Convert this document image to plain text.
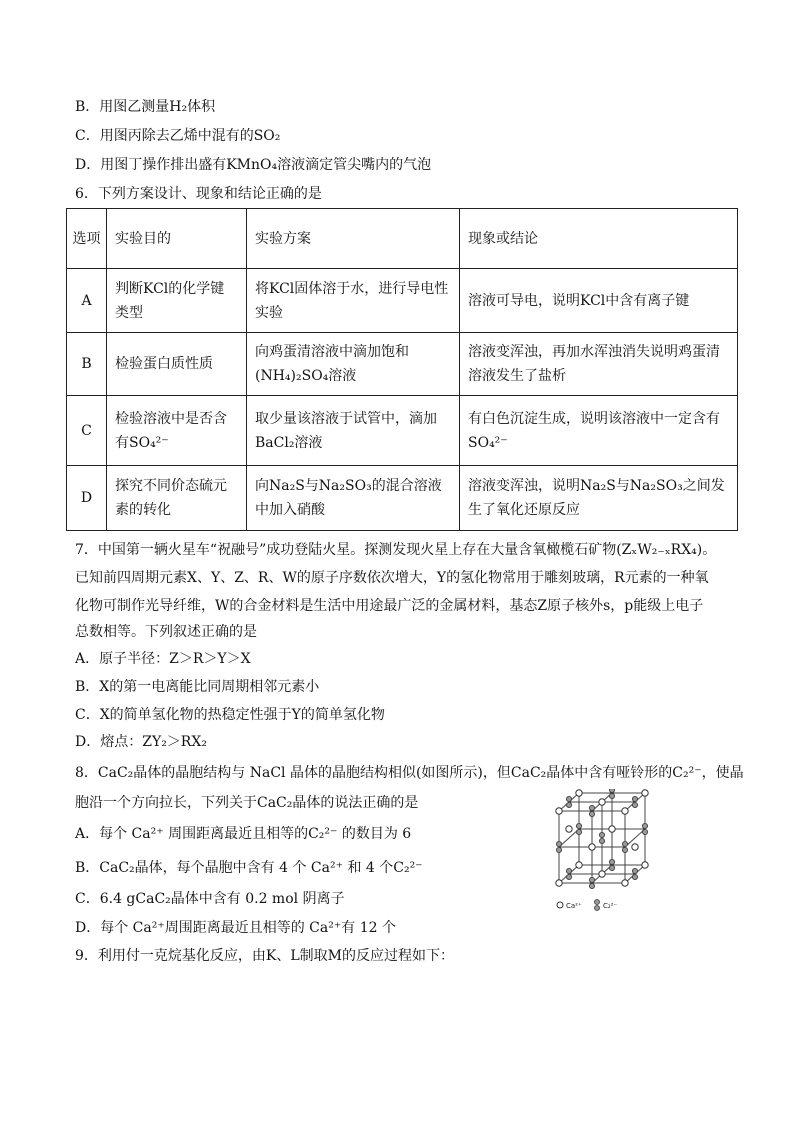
B．用图乙测量H₂体积
C．用图丙除去乙烯中混有的SO₂
D．用图丁操作排出盛有KMnO₄溶液滴定管尖嘴内的气泡
6．下列方案设计、现象和结论正确的是
选项	实验目的	实验方案	现象或结论
A	判断KCl的化学键类型	将KCl固体溶于水，进行导电性实验	溶液可导电，说明KCl中含有离子键
B	检验蛋白质性质	向鸡蛋清溶液中滴加饱和(NH₄)₂SO₄溶液	溶液变浑浊，再加水浑浊消失说明鸡蛋清溶液发生了盐析
C	检验溶液中是否含有SO₄²⁻	取少量该溶液于试管中，滴加BaCl₂溶液	有白色沉淀生成，说明该溶液中一定含有SO₄²⁻
D	探究不同价态硫元素的转化	向Na₂S与Na₂SO₃的混合溶液中加入硝酸	溶液变浑浊，说明Na₂S与Na₂SO₃之间发生了氧化还原反应
7．中国第一辆火星车“祝融号”成功登陆火星。探测发现火星上存在大量含氧橄榄石矿物(ZₓW₂₋ₓRX₄)。
已知前四周期元素X、Y、Z、R、W的原子序数依次增大，Y的氢化物常用于雕刻玻璃，R元素的一种氧
化物可制作光导纤维，W的合金材料是生活中用途最广泛的金属材料，基态Z原子核外s，p能级上电子
总数相等。下列叙述正确的是
A．原子半径：Z＞R＞Y＞X
B．X的第一电离能比同周期相邻元素小
C．X的简单氢化物的热稳定性强于Y的简单氢化物
D．熔点：ZY₂＞RX₂
8．CaC₂晶体的晶胞结构与 NaCl 晶体的晶胞结构相似(如图所示)，但CaC₂晶体中含有哑铃形的C₂²⁻，使晶
胞沿一个方向拉长，下列关于CaC₂晶体的说法正确的是
A．每个 Ca²⁺ 周围距离最近且相等的C₂²⁻ 的数目为 6
B．CaC₂晶体，每个晶胞中含有 4 个 Ca²⁺ 和 4 个C₂²⁻
C．6.4 gCaC₂晶体中含有 0.2 mol 阴离子
D．每个 Ca²⁺周围距离最近且相等的 Ca²⁺有 12 个
9．利用付一克烷基化反应，由K、L制取M的反应过程如下：
Ca²⁺	C₂²⁻
